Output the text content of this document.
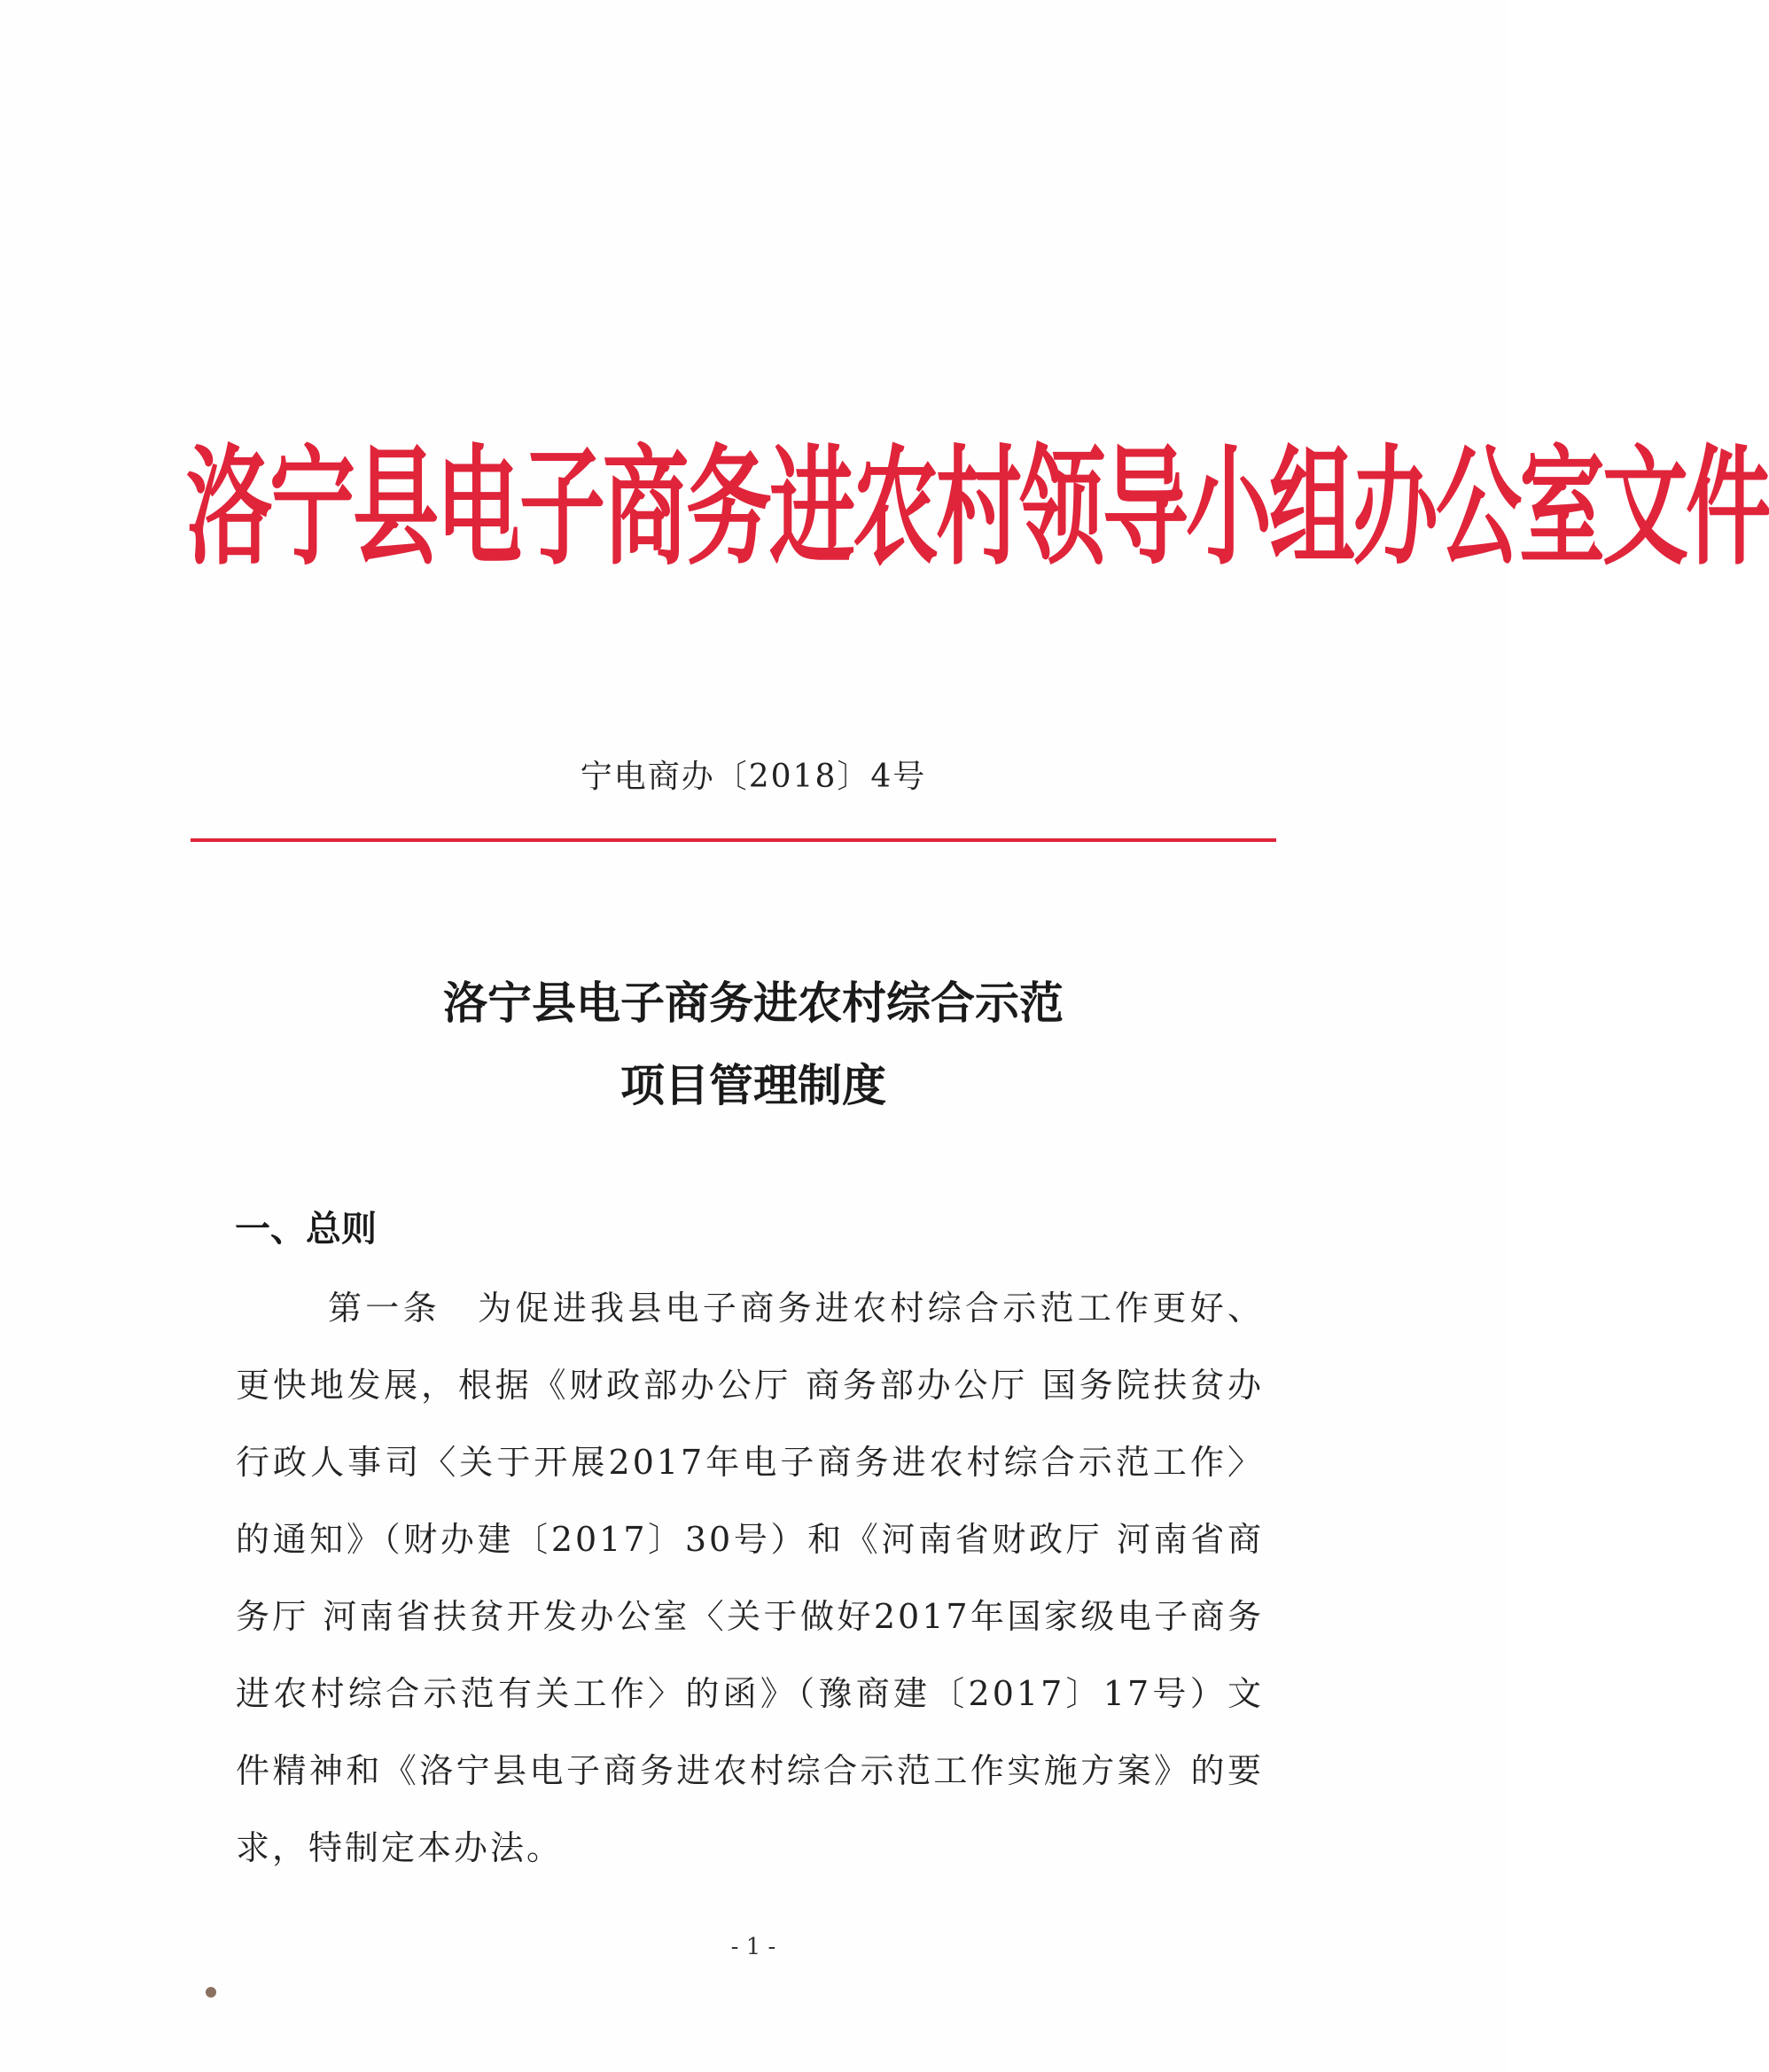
洛宁县电子商务进农村领导小组办公室文件
宁电商办〔2018〕4号
洛宁县电子商务进农村综合示范
项目管理制度
一、总则
第一条　为促进我县电子商务进农村综合示范工作更好、更快地发展，根据《财政部办公厅 商务部办公厅 国务院扶贫办行政人事司〈关于开展2017年电子商务进农村综合示范工作〉的通知》（财办建〔2017〕30号）和《河南省财政厅 河南省商务厅 河南省扶贫开发办公室〈关于做好2017年国家级电子商务进农村综合示范有关工作〉的函》（豫商建〔2017〕17号）文件精神和《洛宁县电子商务进农村综合示范工作实施方案》的要求，特制定本办法。
- 1 -
